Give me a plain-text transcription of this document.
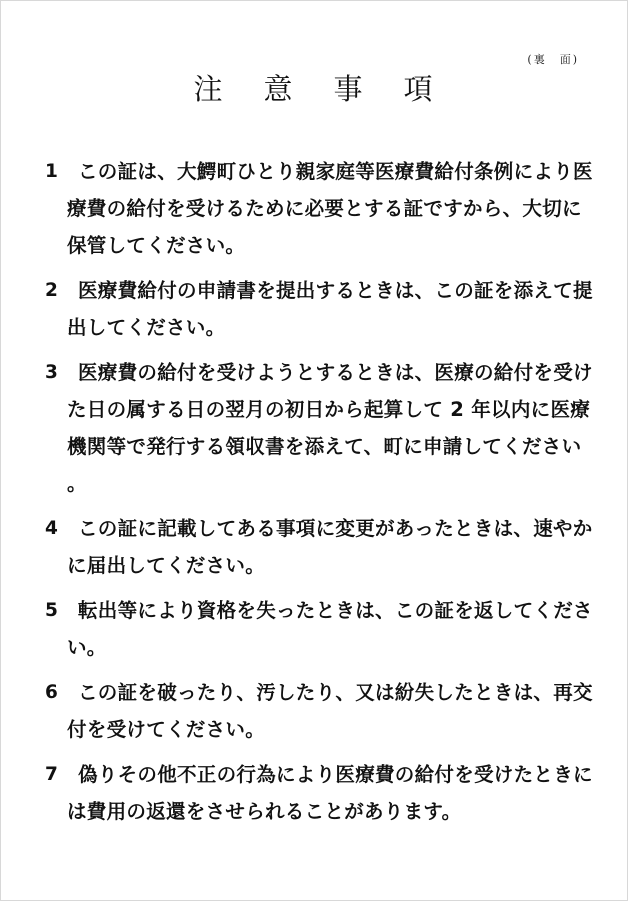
(裏　面)
注　意　事　項
1	この証は、大鰐町ひとり親家庭等医療費給付条例により医療費の給付を受けるために必要とする証ですから、大切に保管してください。
2	医療費給付の申請書を提出するときは、この証を添えて提出してください。
3	医療費の給付を受けようとするときは、医療の給付を受けた日の属する日の翌月の初日から起算して 2 年以内に医療機関等で発行する領収書を添えて、町に申請してください。
4	この証に記載してある事項に変更があったときは、速やかに届出してください。
5	転出等により資格を失ったときは、この証を返してください。
6	この証を破ったり、汚したり、又は紛失したときは、再交付を受けてください。
7	偽りその他不正の行為により医療費の給付を受けたときには費用の返還をさせられることがあります。
